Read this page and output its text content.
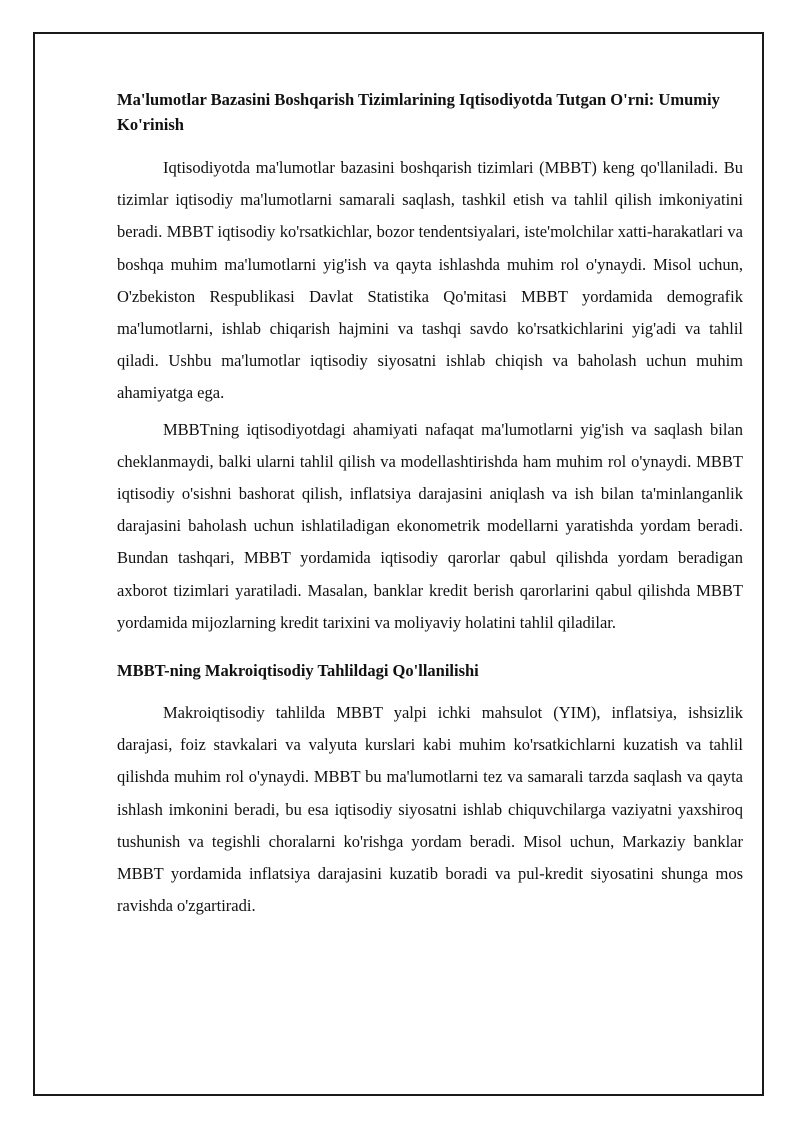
Ma'lumotlar Bazasini Boshqarish Tizimlarining Iqtisodiyotda Tutgan O'rni: Umumiy Ko'rinish

Iqtisodiyotda ma'lumotlar bazasini boshqarish tizimlari (MBBT) keng qo'llaniladi. Bu tizimlar iqtisodiy ma'lumotlarni samarali saqlash, tashkil etish va tahlil qilish imkoniyatini beradi. MBBT iqtisodiy ko'rsatkichlar, bozor tendentsiyalari, iste'molchilar xatti-harakatlari va boshqa muhim ma'lumotlarni yig'ish va qayta ishlashda muhim rol o'ynaydi. Misol uchun, O'zbekiston Respublikasi Davlat Statistika Qo'mitasi MBBT yordamida demografik ma'lumotlarni, ishlab chiqarish hajmini va tashqi savdo ko'rsatkichlarini yig'adi va tahlil qiladi. Ushbu ma'lumotlar iqtisodiy siyosatni ishlab chiqish va baholash uchun muhim ahamiyatga ega.

MBBTning iqtisodiyotdagi ahamiyati nafaqat ma'lumotlarni yig'ish va saqlash bilan cheklanmaydi, balki ularni tahlil qilish va modellashtirishda ham muhim rol o'ynaydi. MBBT iqtisodiy o'sishni bashorat qilish, inflatsiya darajasini aniqlash va ish bilan ta'minlanganlik darajasini baholash uchun ishlatiladigan ekonometrik modellarni yaratishda yordam beradi. Bundan tashqari, MBBT yordamida iqtisodiy qarorlar qabul qilishda yordam beradigan axborot tizimlari yaratiladi. Masalan, banklar kredit berish qarorlarini qabul qilishda MBBT yordamida mijozlarning kredit tarixini va moliyaviy holatini tahlil qiladilar.

MBBT-ning Makroiqtisodiy Tahlildagi Qo'llanilishi

Makroiqtisodiy tahlilda MBBT yalpi ichki mahsulot (YIM), inflatsiya, ishsizlik darajasi, foiz stavkalari va valyuta kurslari kabi muhim ko'rsatkichlarni kuzatish va tahlil qilishda muhim rol o'ynaydi. MBBT bu ma'lumotlarni tez va samarali tarzda saqlash va qayta ishlash imkonini beradi, bu esa iqtisodiy siyosatni ishlab chiquvchilarga vaziyatni yaxshiroq tushunish va tegishli choralarni ko'rishga yordam beradi. Misol uchun, Markaziy banklar MBBT yordamida inflatsiya darajasini kuzatib boradi va pul-kredit siyosatini shunga mos ravishda o'zgartiradi.
